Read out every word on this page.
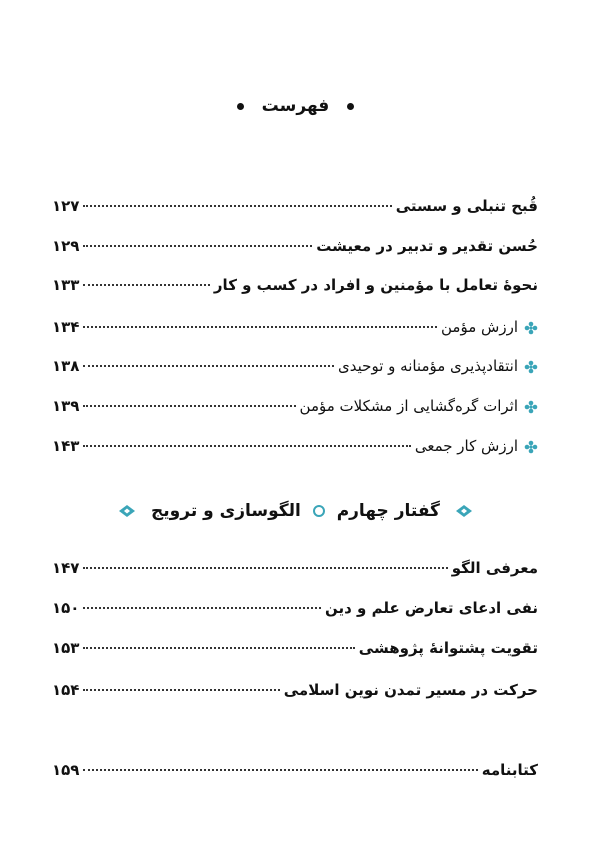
فهرست
قُبح تنبلی و سستی
۱۲۷
حُسن تقدیر و تدبیر در معیشت
۱۲۹
نحوهٔ تعامل با مؤمنین و افراد در کسب و کار
۱۳۳
ارزش مؤمن
۱۳۴
انتقادپذیری مؤمنانه و توحیدی
۱۳۸
اثرات گره‌گشایی از مشکلات مؤمن
۱۳۹
ارزش کار جمعی
۱۴۳
گفتار چهارم  الگوسازی و ترویج
معرفی الگو
۱۴۷
نفی ادعای تعارض علم و دین
۱۵۰
تقویت پشتوانهٔ پژوهشی
۱۵۳
حرکت در مسیر تمدن نوین اسلامی
۱۵۴
کتابنامه
۱۵۹
